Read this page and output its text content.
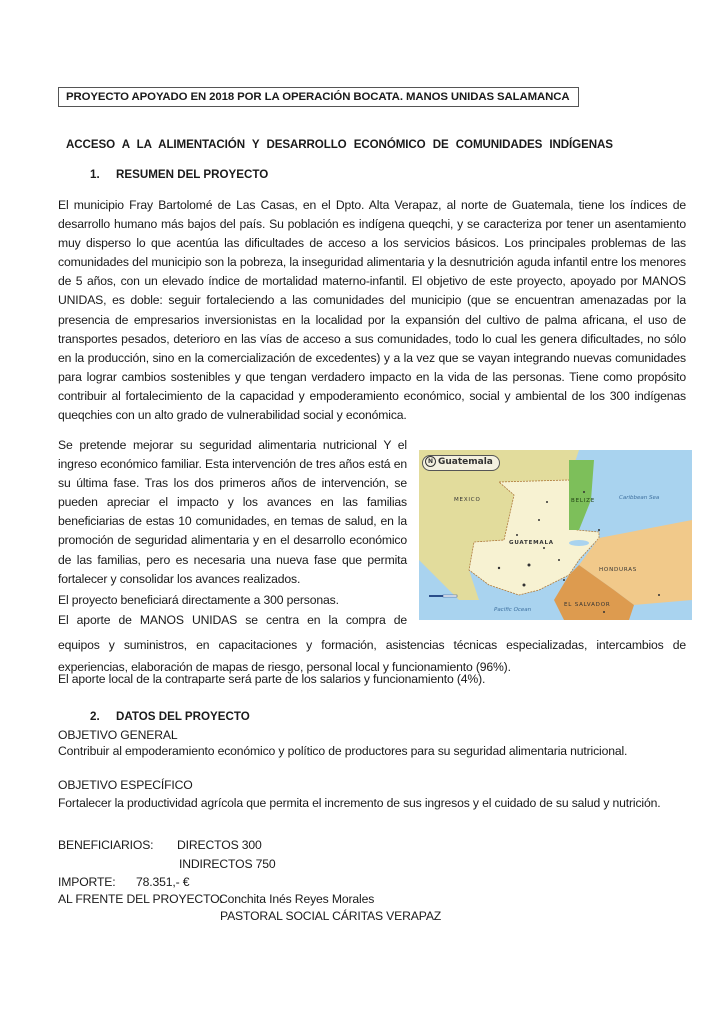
PROYECTO APOYADO EN 2018 POR LA OPERACIÓN BOCATA. MANOS UNIDAS SALAMANCA
ACCESO A LA ALIMENTACIÓN Y DESARROLLO ECONÓMICO DE COMUNIDADES INDÍGENAS
1. RESUMEN DEL PROYECTO

El municipio Fray Bartolomé de Las Casas, en el Dpto. Alta Verapaz, al norte de Guatemala, tiene los índices de desarrollo humano más bajos del país. Su población es indígena queqchi, y se caracteriza por tener un asentamiento muy disperso lo que acentúa las dificultades de acceso a los servicios básicos. Los principales problemas de las comunidades del municipio son la pobreza, la inseguridad alimentaria y la desnutrición aguda infantil entre los menores de 5 años, con un elevado índice de mortalidad materno-infantil. El objetivo de este proyecto, apoyado por MANOS UNIDAS, es doble: seguir fortaleciendo a las comunidades del municipio (que se encuentran amenazadas por la presencia de empresarios inversionistas en la localidad por la expansión del cultivo de palma africana, el uso de transportes pesados, deterioro en las vías de acceso a sus comunidades, todo lo cual les genera dificultades, no sólo en la producción, sino en la comercialización de excedentes) y a la vez que se vayan integrando nuevas comunidades para lograr cambios sostenibles y que tengan verdadero impacto en la vida de las personas. Tiene como propósito contribuir al fortalecimiento de la capacidad y empoderamiento económico, social y ambiental de los 300 indígenas queqchies con un alto grado de vulnerabilidad social y económica.

Se pretende mejorar su seguridad alimentaria nutricional Y el ingreso económico familiar. Esta intervención de tres años está en su última fase. Tras los dos primeros años de intervención, se pueden apreciar el impacto y los avances en las familias beneficiarias de estas 10 comunidades, en temas de salud, en la promoción de seguridad alimentaria y en el desarrollo económico de las familias, pero es necesaria una nueva fase que permita fortalecer y consolidar los avances realizados.

El proyecto beneficiará directamente a 300 personas.

El aporte de MANOS UNIDAS se centra en la compra de

equipos y suministros, en capacitaciones y formación, asistencias técnicas especializadas, intercambios de experiencias, elaboración de mapas de riesgo, personal local y funcionamiento (96%).

El aporte local de la contraparte será parte de los salarios y funcionamiento (4%).
N Guatemala
MEXICO	BELIZE
GUATEMALA
HONDURAS
EL SALVADOR
Caribbean Sea
Pacific Ocean
2. DATOS DEL PROYECTO
OBJETIVO GENERAL

Contribuir al empoderamiento económico y político de productores para su seguridad alimentaria nutricional.

OBJETIVO ESPECÍFICO

Fortalecer la productividad agrícola que permita el incremento de sus ingresos y el cuidado de su salud y nutrición.

BENEFICIARIOS: DIRECTOS 300
INDIRECTOS 750
IMPORTE: 78.351,- €
AL FRENTE DEL PROYECTO:
Conchita Inés Reyes Morales
PASTORAL SOCIAL CÁRITAS VERAPAZ
